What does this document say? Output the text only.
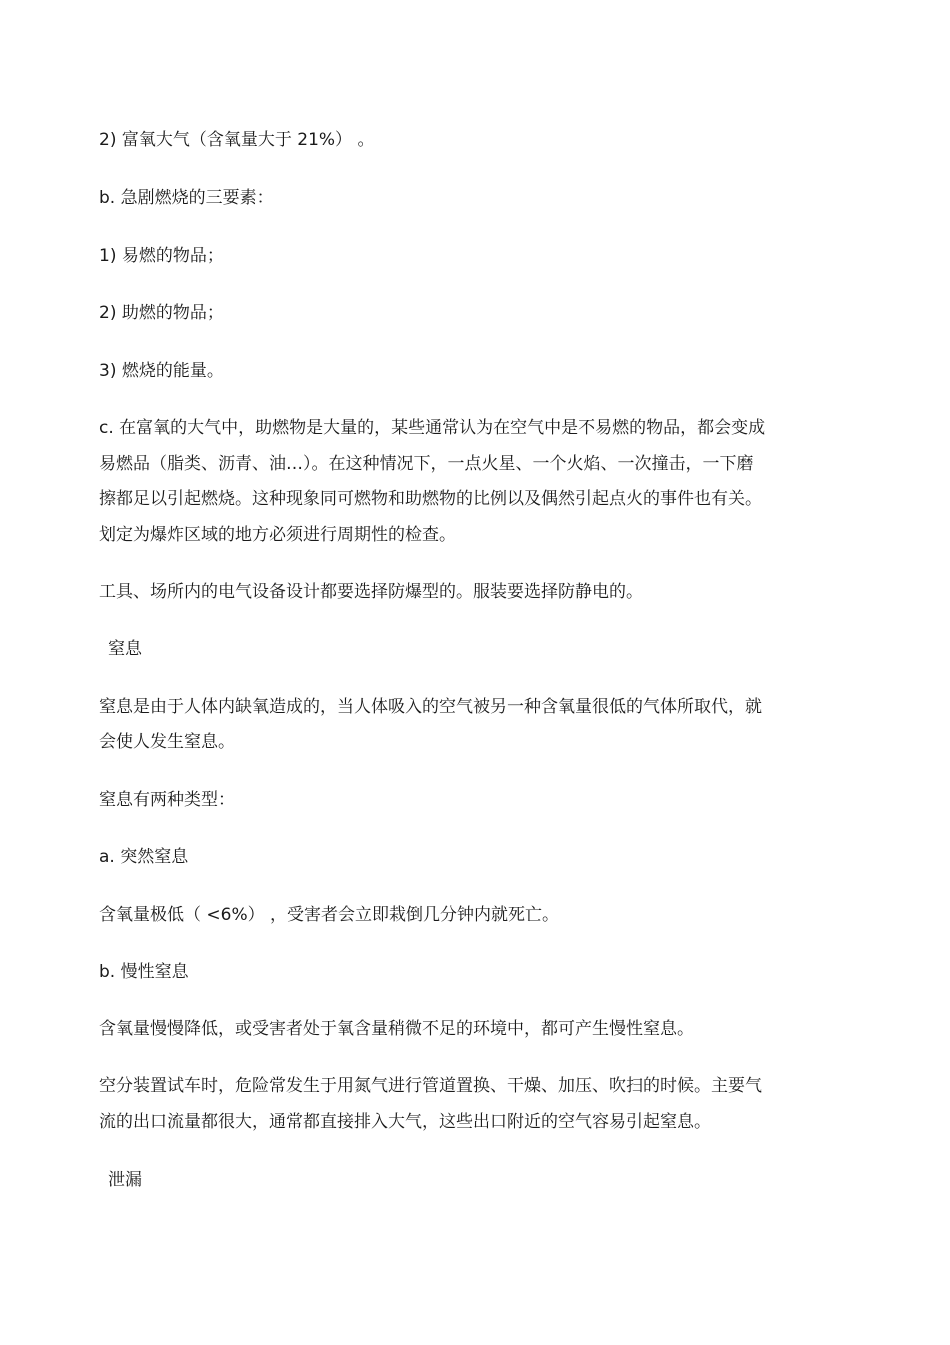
2) 富氧大气（含氧量大于 21%） 。
b. 急剧燃烧的三要素：
1) 易燃的物品；
2) 助燃的物品；
3) 燃烧的能量。
c. 在富氧的大气中，助燃物是大量的，某些通常认为在空气中是不易燃的物品，都会变成
易燃品（脂类、沥青、油…）。在这种情况下，一点火星、一个火焰、一次撞击，一下磨
擦都足以引起燃烧。这种现象同可燃物和助燃物的比例以及偶然引起点火的事件也有关。
划定为爆炸区域的地方必须进行周期性的检查。
工具、场所内的电气设备设计都要选择防爆型的。服装要选择防静电的。
窒息
窒息是由于人体内缺氧造成的，当人体吸入的空气被另一种含氧量很低的气体所取代，就
会使人发生窒息。
窒息有两种类型：
a. 突然窒息
含氧量极低（ <6%） ，受害者会立即栽倒几分钟内就死亡。
b. 慢性窒息
含氧量慢慢降低，或受害者处于氧含量稍微不足的环境中，都可产生慢性窒息。
空分装置试车时，危险常发生于用氮气进行管道置换、干燥、加压、吹扫的时候。主要气
流的出口流量都很大，通常都直接排入大气，这些出口附近的空气容易引起窒息。
泄漏
